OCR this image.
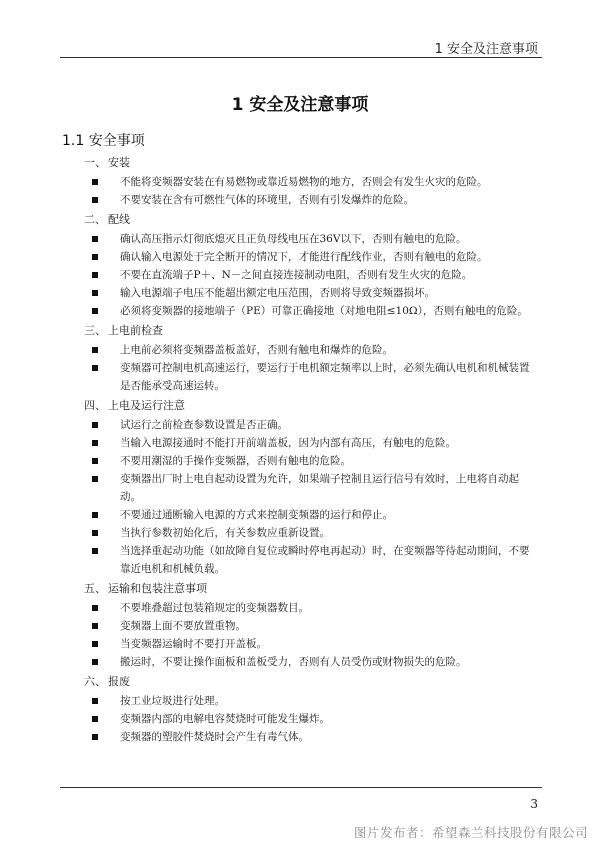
1 安全及注意事项
1 安全及注意事项
1.1 安全事项
一、 安装
不能将变频器安装在有易燃物或靠近易燃物的地方，否则会有发生火灾的危险。
不要安装在含有可燃性气体的环境里，否则有引发爆炸的危险。
二、 配线
确认高压指示灯彻底熄灭且正负母线电压在36V以下，否则有触电的危险。
确认输入电源处于完全断开的情况下，才能进行配线作业，否则有触电的危险。
不要在直流端子P＋、N－之间直接连接制动电阻，否则有发生火灾的危险。
输入电源端子电压不能超出额定电压范围，否则将导致变频器损坏。
必须将变频器的接地端子（PE）可靠正确接地（对地电阻≤10Ω），否则有触电的危险。
三、 上电前检查
上电前必须将变频器盖板盖好，否则有触电和爆炸的危险。
变频器可控制电机高速运行，要运行于电机额定频率以上时，必须先确认电机和机械装置是否能承受高速运转。
四、 上电及运行注意
试运行之前检查参数设置是否正确。
当输入电源接通时不能打开前端盖板，因为内部有高压，有触电的危险。
不要用潮湿的手操作变频器，否则有触电的危险。
变频器出厂时上电自起动设置为允许，如果端子控制且运行信号有效时，上电将自动起动。
不要通过通断输入电源的方式来控制变频器的运行和停止。
当执行参数初始化后，有关参数应重新设置。
当选择重起动功能（如故障自复位或瞬时停电再起动）时，在变频器等待起动期间，不要靠近电机和机械负载。
五、 运输和包装注意事项
不要堆叠超过包装箱规定的变频器数目。
变频器上面不要放置重物。
当变频器运输时不要打开盖板。
搬运时，不要让操作面板和盖板受力，否则有人员受伤或财物损失的危险。
六、 报废
按工业垃圾进行处理。
变频器内部的电解电容焚烧时可能发生爆炸。
变频器的塑胶件焚烧时会产生有毒气体。
3
图片发布者：希望森兰科技股份有限公司
